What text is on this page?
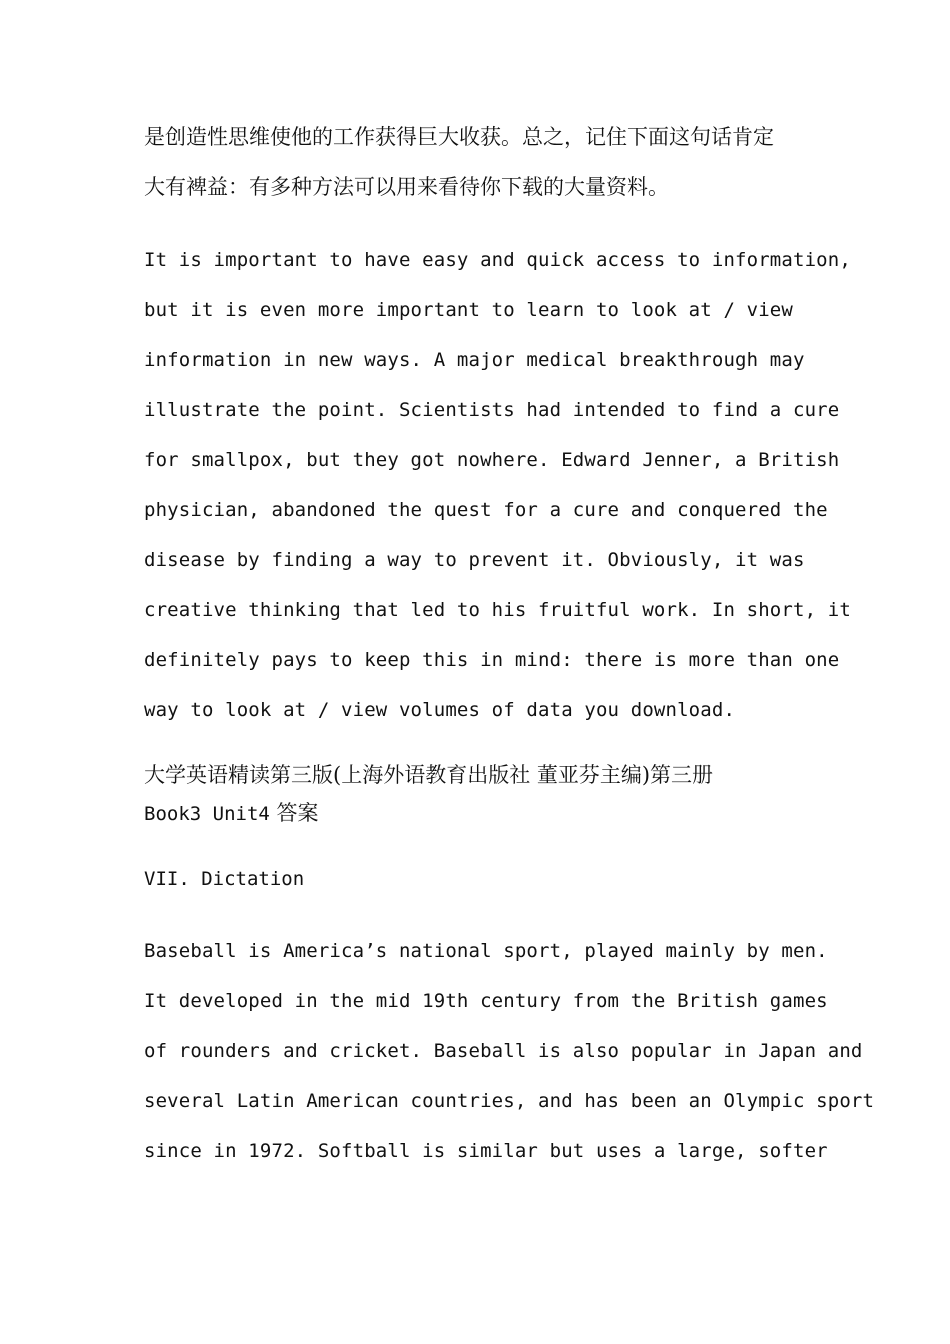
是创造性思维使他的工作获得巨大收获。总之，记住下面这句话肯定

大有裨益：有多种方法可以用来看待你下载的大量资料。

It is important to have easy and quick access to information,

but it is even more important to learn to look at / view

information in new ways. A major medical breakthrough may

illustrate the point. Scientists had intended to find a cure

for smallpox, but they got nowhere. Edward Jenner, a British

physician, abandoned the quest for a cure and conquered the

disease by finding a way to prevent it. Obviously, it was

creative thinking that led to his fruitful work. In short, it

definitely pays to keep this in mind: there is more than one

way to look at / view volumes of data you download.

大学英语精读第三版(上海外语教育出版社 董亚芬主编)第三册

Book3 Unit4 答案

VII. Dictation

Baseball is America’s national sport, played mainly by men.

It developed in the mid 19th century from the British games

of rounders and cricket. Baseball is also popular in Japan and

several Latin American countries, and has been an Olympic sport

since in 1972. Softball is similar but uses a large, softer
